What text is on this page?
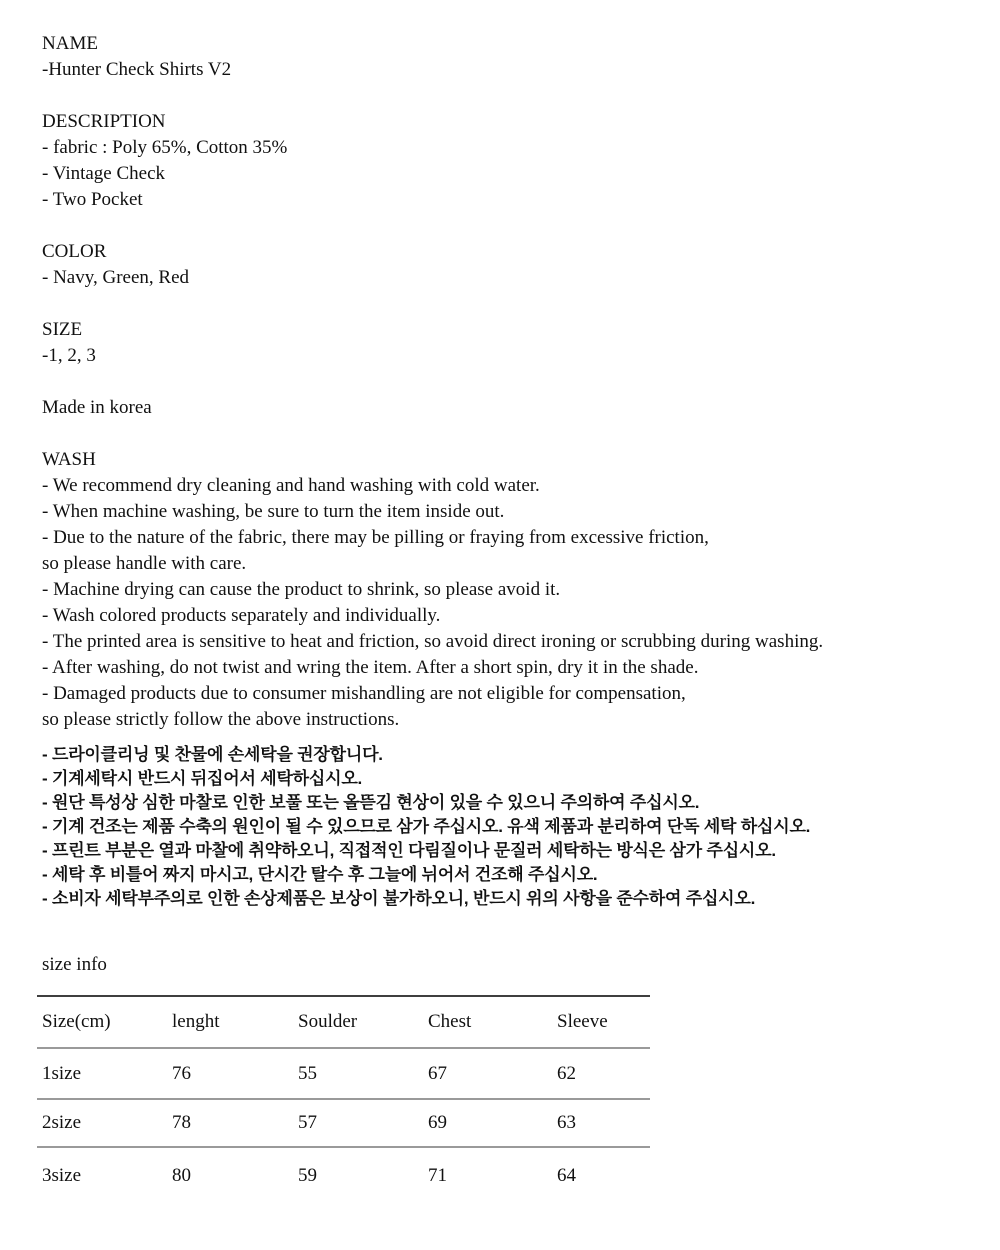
NAME

-Hunter Check Shirts V2

DESCRIPTION

- fabric : Poly 65%, Cotton 35%

- Vintage Check

- Two Pocket

COLOR

- Navy, Green, Red

SIZE

-1, 2, 3

Made in korea

WASH

- We recommend dry cleaning and hand washing with cold water.

- When machine washing, be sure to turn the item inside out.

- Due to the nature of the fabric, there may be pilling or fraying from excessive friction,

so please handle with care.

- Machine drying can cause the product to shrink, so please avoid it.

- Wash colored products separately and individually.

- The printed area is sensitive to heat and friction, so avoid direct ironing or scrubbing during washing.

- After washing, do not twist and wring the item. After a short spin, dry it in the shade.

- Damaged products due to consumer mishandling are not eligible for compensation,

so please strictly follow the above instructions.

- 드라이클리닝 및 찬물에 손세탁을 권장합니다.

- 기계세탁시 반드시 뒤집어서 세탁하십시오.

- 원단 특성상 심한 마찰로 인한 보풀 또는 올뜯김 현상이 있을 수 있으니 주의하여 주십시오.

- 기계 건조는 제품 수축의 원인이 될 수 있으므로 삼가 주십시오. 유색 제품과 분리하여 단독 세탁 하십시오.

- 프린트 부분은 열과 마찰에 취약하오니, 직접적인 다림질이나 문질러 세탁하는 방식은 삼가 주십시오.

- 세탁 후 비틀어 짜지 마시고, 단시간 탈수 후 그늘에 뉘어서 건조해 주십시오.

- 소비자 세탁부주의로 인한 손상제품은 보상이 불가하오니, 반드시 위의 사항을 준수하여 주십시오.

size info

Size(cm)	lenght	Soulder	Chest	Sleeve
1size	76	55	67	62
2size	78	57	69	63
3size	80	59	71	64
